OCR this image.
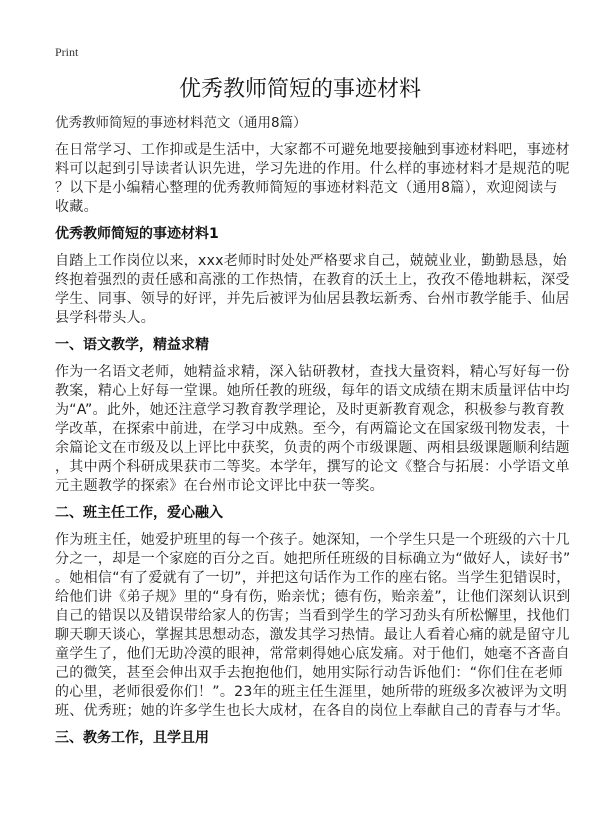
Print
优秀教师简短的事迹材料
优秀教师简短的事迹材料范文（通用8篇）
在日常学习、工作抑或是生活中，大家都不可避免地要接触到事迹材料吧，事迹材
料可以起到引导读者认识先进，学习先进的作用。什么样的事迹材料才是规范的呢
？以下是小编精心整理的优秀教师简短的事迹材料范文（通用8篇），欢迎阅读与
收藏。
优秀教师简短的事迹材料1
自踏上工作岗位以来，xxx老师时时处处严格要求自己，兢兢业业，勤勤恳恳，始
终抱着强烈的责任感和高涨的工作热情，在教育的沃土上，孜孜不倦地耕耘，深受
学生、同事、领导的好评，并先后被评为仙居县教坛新秀、台州市教学能手、仙居
县学科带头人。
一、语文教学，精益求精
作为一名语文老师，她精益求精，深入钻研教材，查找大量资料，精心写好每一份
教案，精心上好每一堂课。她所任教的班级，每年的语文成绩在期末质量评估中均
为“A”。此外，她还注意学习教育教学理论，及时更新教育观念，积极参与教育教
学改革，在探索中前进，在学习中成熟。至今，有两篇论文在国家级刊物发表，十
余篇论文在市级及以上评比中获奖，负责的两个市级课题、两相县级课题顺利结题
，其中两个科研成果获市二等奖。本学年，撰写的论文《整合与拓展：小学语文单
元主题教学的探索》在台州市论文评比中获一等奖。
二、班主任工作，爱心融入
作为班主任，她爱护班里的每一个孩子。她深知，一个学生只是一个班级的六十几
分之一，却是一个家庭的百分之百。她把所任班级的目标确立为“做好人，读好书”
。她相信“有了爱就有了一切”，并把这句话作为工作的座右铭。当学生犯错误时，
给他们讲《弟子规》里的“身有伤，贻亲忧；德有伤，贻亲羞”，让他们深刻认识到
自己的错误以及错误带给家人的伤害；当看到学生的学习劲头有所松懈里，找他们
聊天聊天谈心，掌握其思想动态，激发其学习热情。最让人看着心痛的就是留守儿
童学生了，他们无助冷漠的眼神，常常刺得她心底发痛。对于他们，她毫不吝啬自
己的微笑，甚至会伸出双手去抱抱他们，她用实际行动告诉他们：“你们住在老师
的心里，老师很爱你们！”。23年的班主任生涯里，她所带的班级多次被评为文明
班、优秀班；她的许多学生也长大成材，在各自的岗位上奉献自己的青春与才华。
三、教务工作，且学且用
